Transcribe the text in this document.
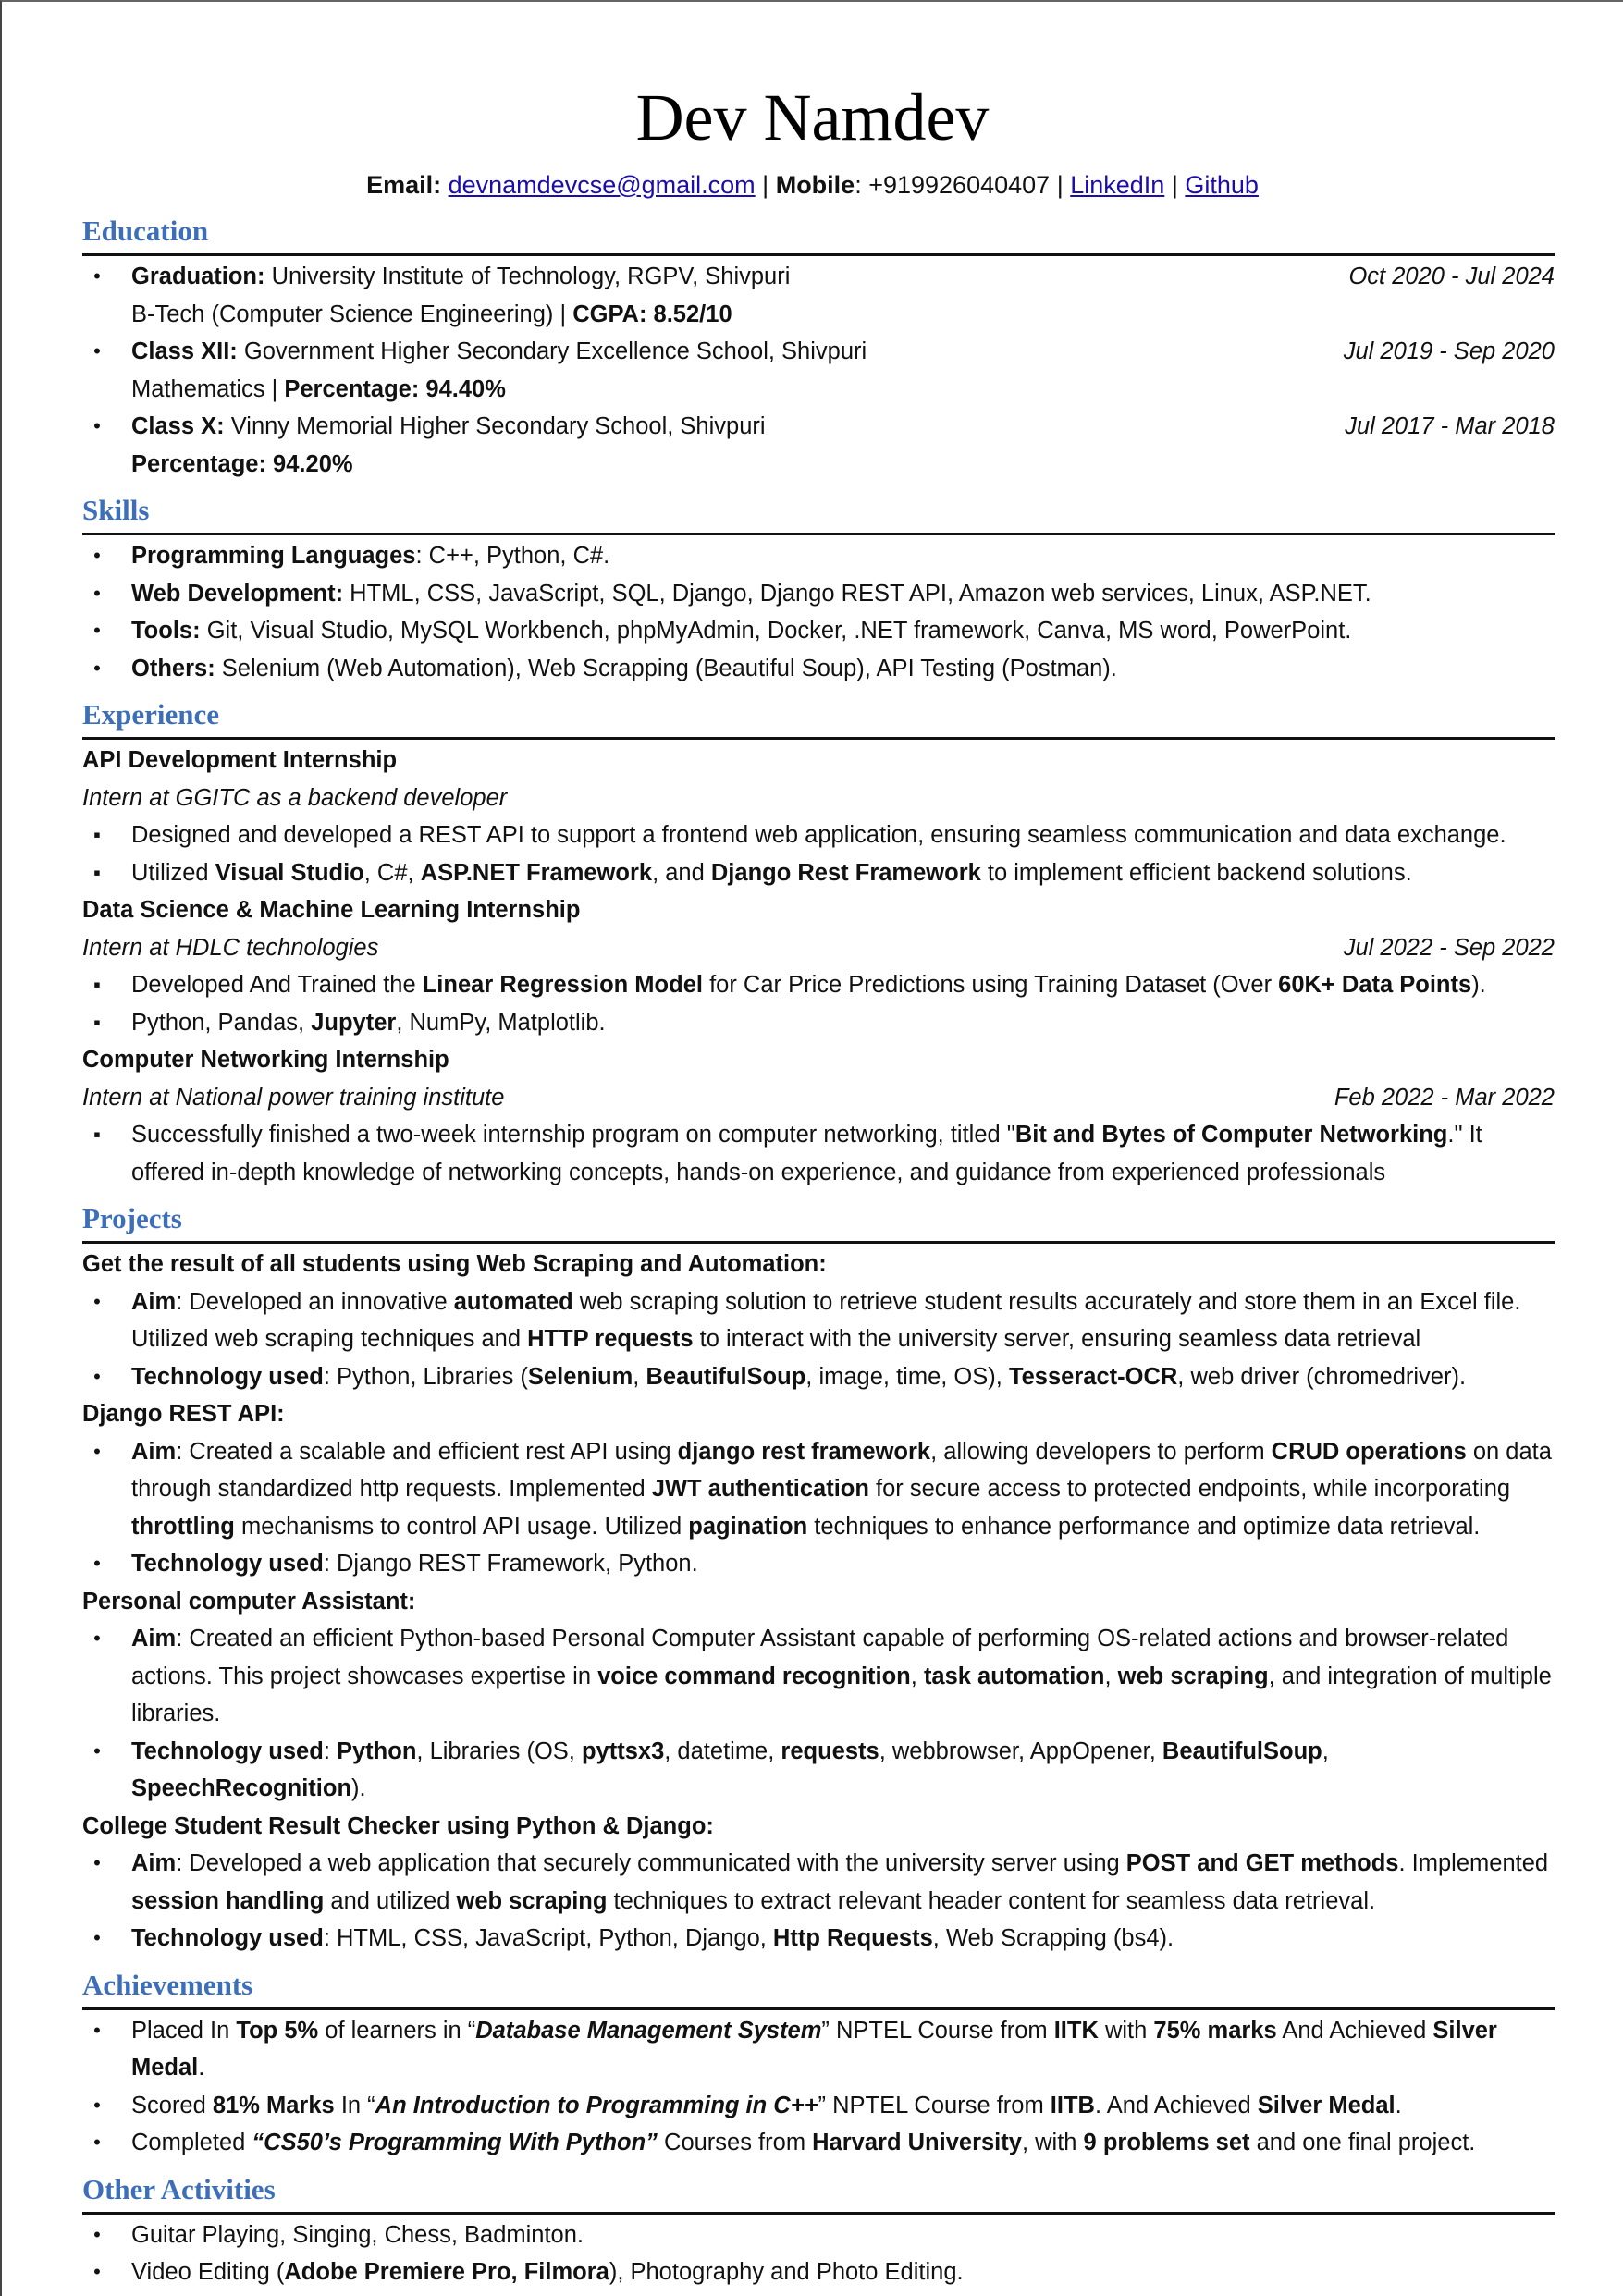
Dev Namdev
Email: devnamdevcse@gmail.com | Mobile: +919926040407 | LinkedIn | Github
Education
• Graduation: University Institute of Technology, RGPV, Shivpuri	Oct 2020 - Jul 2024
B-Tech (Computer Science Engineering) | CGPA: 8.52/10
• Class XII: Government Higher Secondary Excellence School, Shivpuri	Jul 2019 - Sep 2020
Mathematics | Percentage: 94.40%
• Class X: Vinny Memorial Higher Secondary School, Shivpuri	Jul 2017 - Mar 2018
Percentage: 94.20%
Skills
• Programming Languages: C++, Python, C#.
• Web Development: HTML, CSS, JavaScript, SQL, Django, Django REST API, Amazon web services, Linux, ASP.NET.
• Tools: Git, Visual Studio, MySQL Workbench, phpMyAdmin, Docker, .NET framework, Canva, MS word, PowerPoint.
• Others: Selenium (Web Automation), Web Scrapping (Beautiful Soup), API Testing (Postman).
Experience
API Development Internship
Intern at GGITC as a backend developer
▪ Designed and developed a REST API to support a frontend web application, ensuring seamless communication and data exchange.
▪ Utilized Visual Studio, C#, ASP.NET Framework, and Django Rest Framework to implement efficient backend solutions.
Data Science & Machine Learning Internship
Intern at HDLC technologies	Jul 2022 - Sep 2022
▪ Developed And Trained the Linear Regression Model for Car Price Predictions using Training Dataset (Over 60K+ Data Points).
▪ Python, Pandas, Jupyter, NumPy, Matplotlib.
Computer Networking Internship
Intern at National power training institute	Feb 2022 - Mar 2022
▪ Successfully finished a two-week internship program on computer networking, titled "Bit and Bytes of Computer Networking." It offered in-depth knowledge of networking concepts, hands-on experience, and guidance from experienced professionals
Projects
Get the result of all students using Web Scraping and Automation:
• Aim: Developed an innovative automated web scraping solution to retrieve student results accurately and store them in an Excel file. Utilized web scraping techniques and HTTP requests to interact with the university server, ensuring seamless data retrieval
• Technology used: Python, Libraries (Selenium, BeautifulSoup, image, time, OS), Tesseract-OCR, web driver (chromedriver).
Django REST API:
• Aim: Created a scalable and efficient rest API using django rest framework, allowing developers to perform CRUD operations on data through standardized http requests. Implemented JWT authentication for secure access to protected endpoints, while incorporating throttling mechanisms to control API usage. Utilized pagination techniques to enhance performance and optimize data retrieval.
• Technology used: Django REST Framework, Python.
Personal computer Assistant:
• Aim: Created an efficient Python-based Personal Computer Assistant capable of performing OS-related actions and browser-related actions. This project showcases expertise in voice command recognition, task automation, web scraping, and integration of multiple libraries.
• Technology used: Python, Libraries (OS, pyttsx3, datetime, requests, webbrowser, AppOpener, BeautifulSoup, SpeechRecognition).
College Student Result Checker using Python & Django:
• Aim: Developed a web application that securely communicated with the university server using POST and GET methods. Implemented session handling and utilized web scraping techniques to extract relevant header content for seamless data retrieval.
• Technology used: HTML, CSS, JavaScript, Python, Django, Http Requests, Web Scrapping (bs4).
Achievements
• Placed In Top 5% of learners in “Database Management System” NPTEL Course from IITK with 75% marks And Achieved Silver Medal.
• Scored 81% Marks In “An Introduction to Programming in C++” NPTEL Course from IITB. And Achieved Silver Medal.
• Completed “CS50’s Programming With Python” Courses from Harvard University, with 9 problems set and one final project.
Other Activities
• Guitar Playing, Singing, Chess, Badminton.
• Video Editing (Adobe Premiere Pro, Filmora), Photography and Photo Editing.
